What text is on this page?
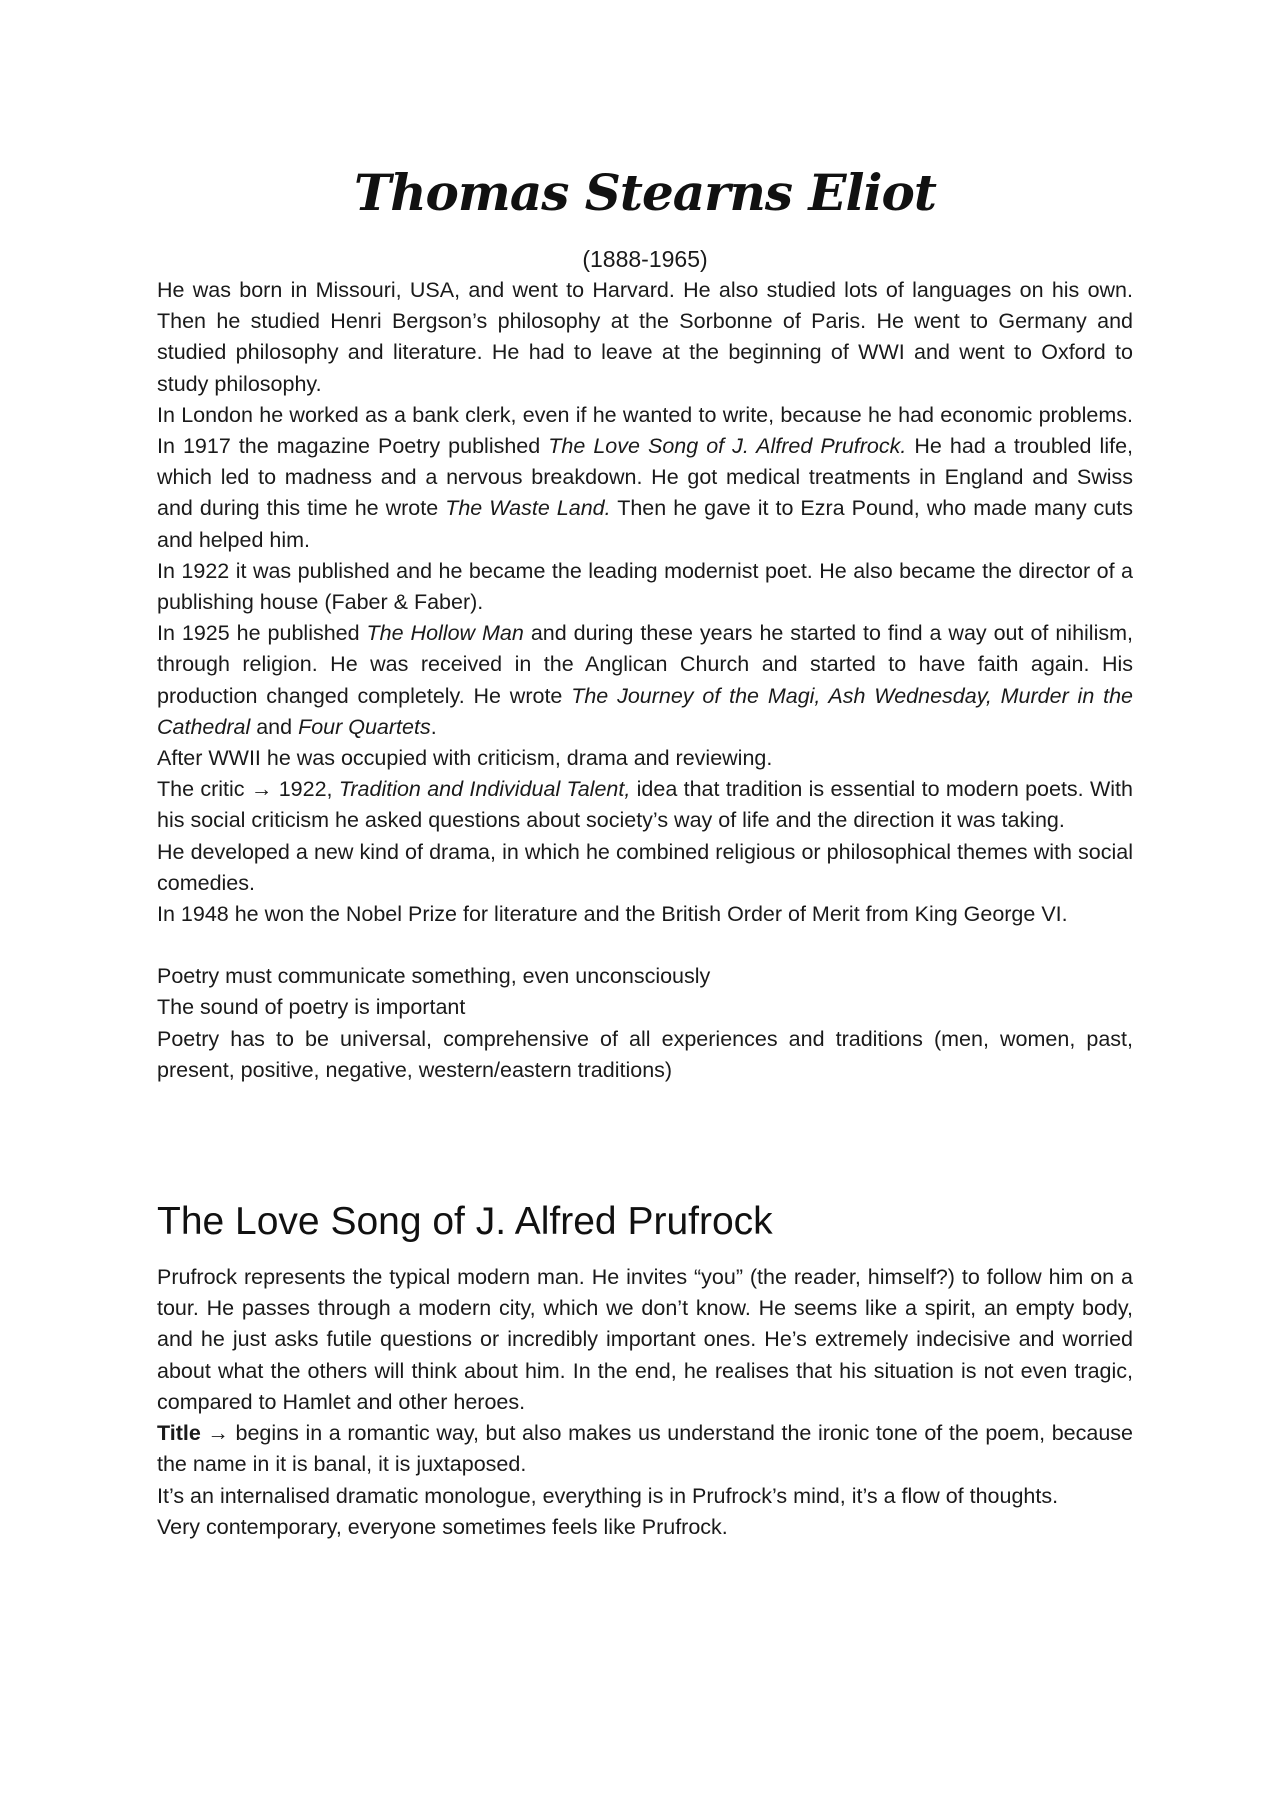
Thomas Stearns Eliot
(1888-1965)

He was born in Missouri, USA, and went to Harvard. He also studied lots of languages on his own. Then he studied Henri Bergson’s philosophy at the Sorbonne of Paris. He went to Germany and studied philosophy and literature. He had to leave at the beginning of WWI and went to Oxford to study philosophy.

In London he worked as a bank clerk, even if he wanted to write, because he had economic problems. In 1917 the magazine Poetry published The Love Song of J. Alfred Prufrock. He had a troubled life, which led to madness and a nervous breakdown. He got medical treatments in England and Swiss and during this time he wrote The Waste Land. Then he gave it to Ezra Pound, who made many cuts and helped him.

In 1922 it was published and he became the leading modernist poet. He also became the director of a publishing house (Faber & Faber).

In 1925 he published The Hollow Man and during these years he started to find a way out of nihilism, through religion. He was received in the Anglican Church and started to have faith again. His production changed completely. He wrote The Journey of the Magi, Ash Wednesday, Murder in the Cathedral and Four Quartets.

After WWII he was occupied with criticism, drama and reviewing.

The critic → 1922, Tradition and Individual Talent, idea that tradition is essential to modern poets. With his social criticism he asked questions about society’s way of life and the direction it was taking.

He developed a new kind of drama, in which he combined religious or philosophical themes with social comedies.

In 1948 he won the Nobel Prize for literature and the British Order of Merit from King George VI.

Poetry must communicate something, even unconsciously

The sound of poetry is important

Poetry has to be universal, comprehensive of all experiences and traditions (men, women, past, present, positive, negative, western/eastern traditions)

The Love Song of J. Alfred Prufrock

Prufrock represents the typical modern man. He invites “you” (the reader, himself?) to follow him on a tour. He passes through a modern city, which we don’t know. He seems like a spirit, an empty body, and he just asks futile questions or incredibly important ones. He’s extremely indecisive and worried about what the others will think about him. In the end, he realises that his situation is not even tragic, compared to Hamlet and other heroes.

Title → begins in a romantic way, but also makes us understand the ironic tone of the poem, because the name in it is banal, it is juxtaposed.

It’s an internalised dramatic monologue, everything is in Prufrock’s mind, it’s a flow of thoughts.

Very contemporary, everyone sometimes feels like Prufrock.
